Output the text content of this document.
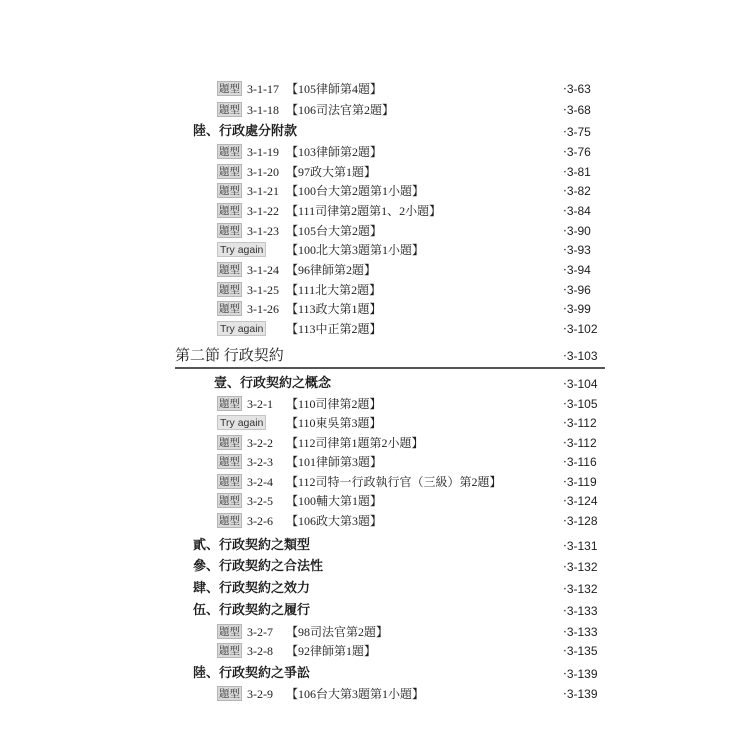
題型 3-1-17 【105律師第4題】	‧3-63
題型 3-1-18 【106司法官第2題】	‧3-68
陸、行政處分附款	‧3-75
題型 3-1-19 【103律師第2題】	‧3-76
題型 3-1-20 【97政大第1題】	‧3-81
題型 3-1-21 【100台大第2題第1小題】	‧3-82
題型 3-1-22 【111司律第2題第1、2小題】	‧3-84
題型 3-1-23 【105台大第2題】	‧3-90
Try again 【100北大第3題第1小題】	‧3-93
題型 3-1-24 【96律師第2題】	‧3-94
題型 3-1-25 【111北大第2題】	‧3-96
題型 3-1-26 【113政大第1題】	‧3-99
Try again 【113中正第2題】	‧3-102
第二節 行政契約	‧3-103
壹、行政契約之概念	‧3-104
題型 3-2-1 【110司律第2題】	‧3-105
Try again 【110東吳第3題】	‧3-112
題型 3-2-2 【112司律第1題第2小題】	‧3-112
題型 3-2-3 【101律師第3題】	‧3-116
題型 3-2-4 【112司特一行政執行官（三級）第2題】	‧3-119
題型 3-2-5 【100輔大第1題】	‧3-124
題型 3-2-6 【106政大第3題】	‧3-128
貳、行政契約之類型	‧3-131
參、行政契約之合法性	‧3-132
肆、行政契約之效力	‧3-132
伍、行政契約之履行	‧3-133
題型 3-2-7 【98司法官第2題】	‧3-133
題型 3-2-8 【92律師第1題】	‧3-135
陸、行政契約之爭訟	‧3-139
題型 3-2-9 【106台大第3題第1小題】	‧3-139
